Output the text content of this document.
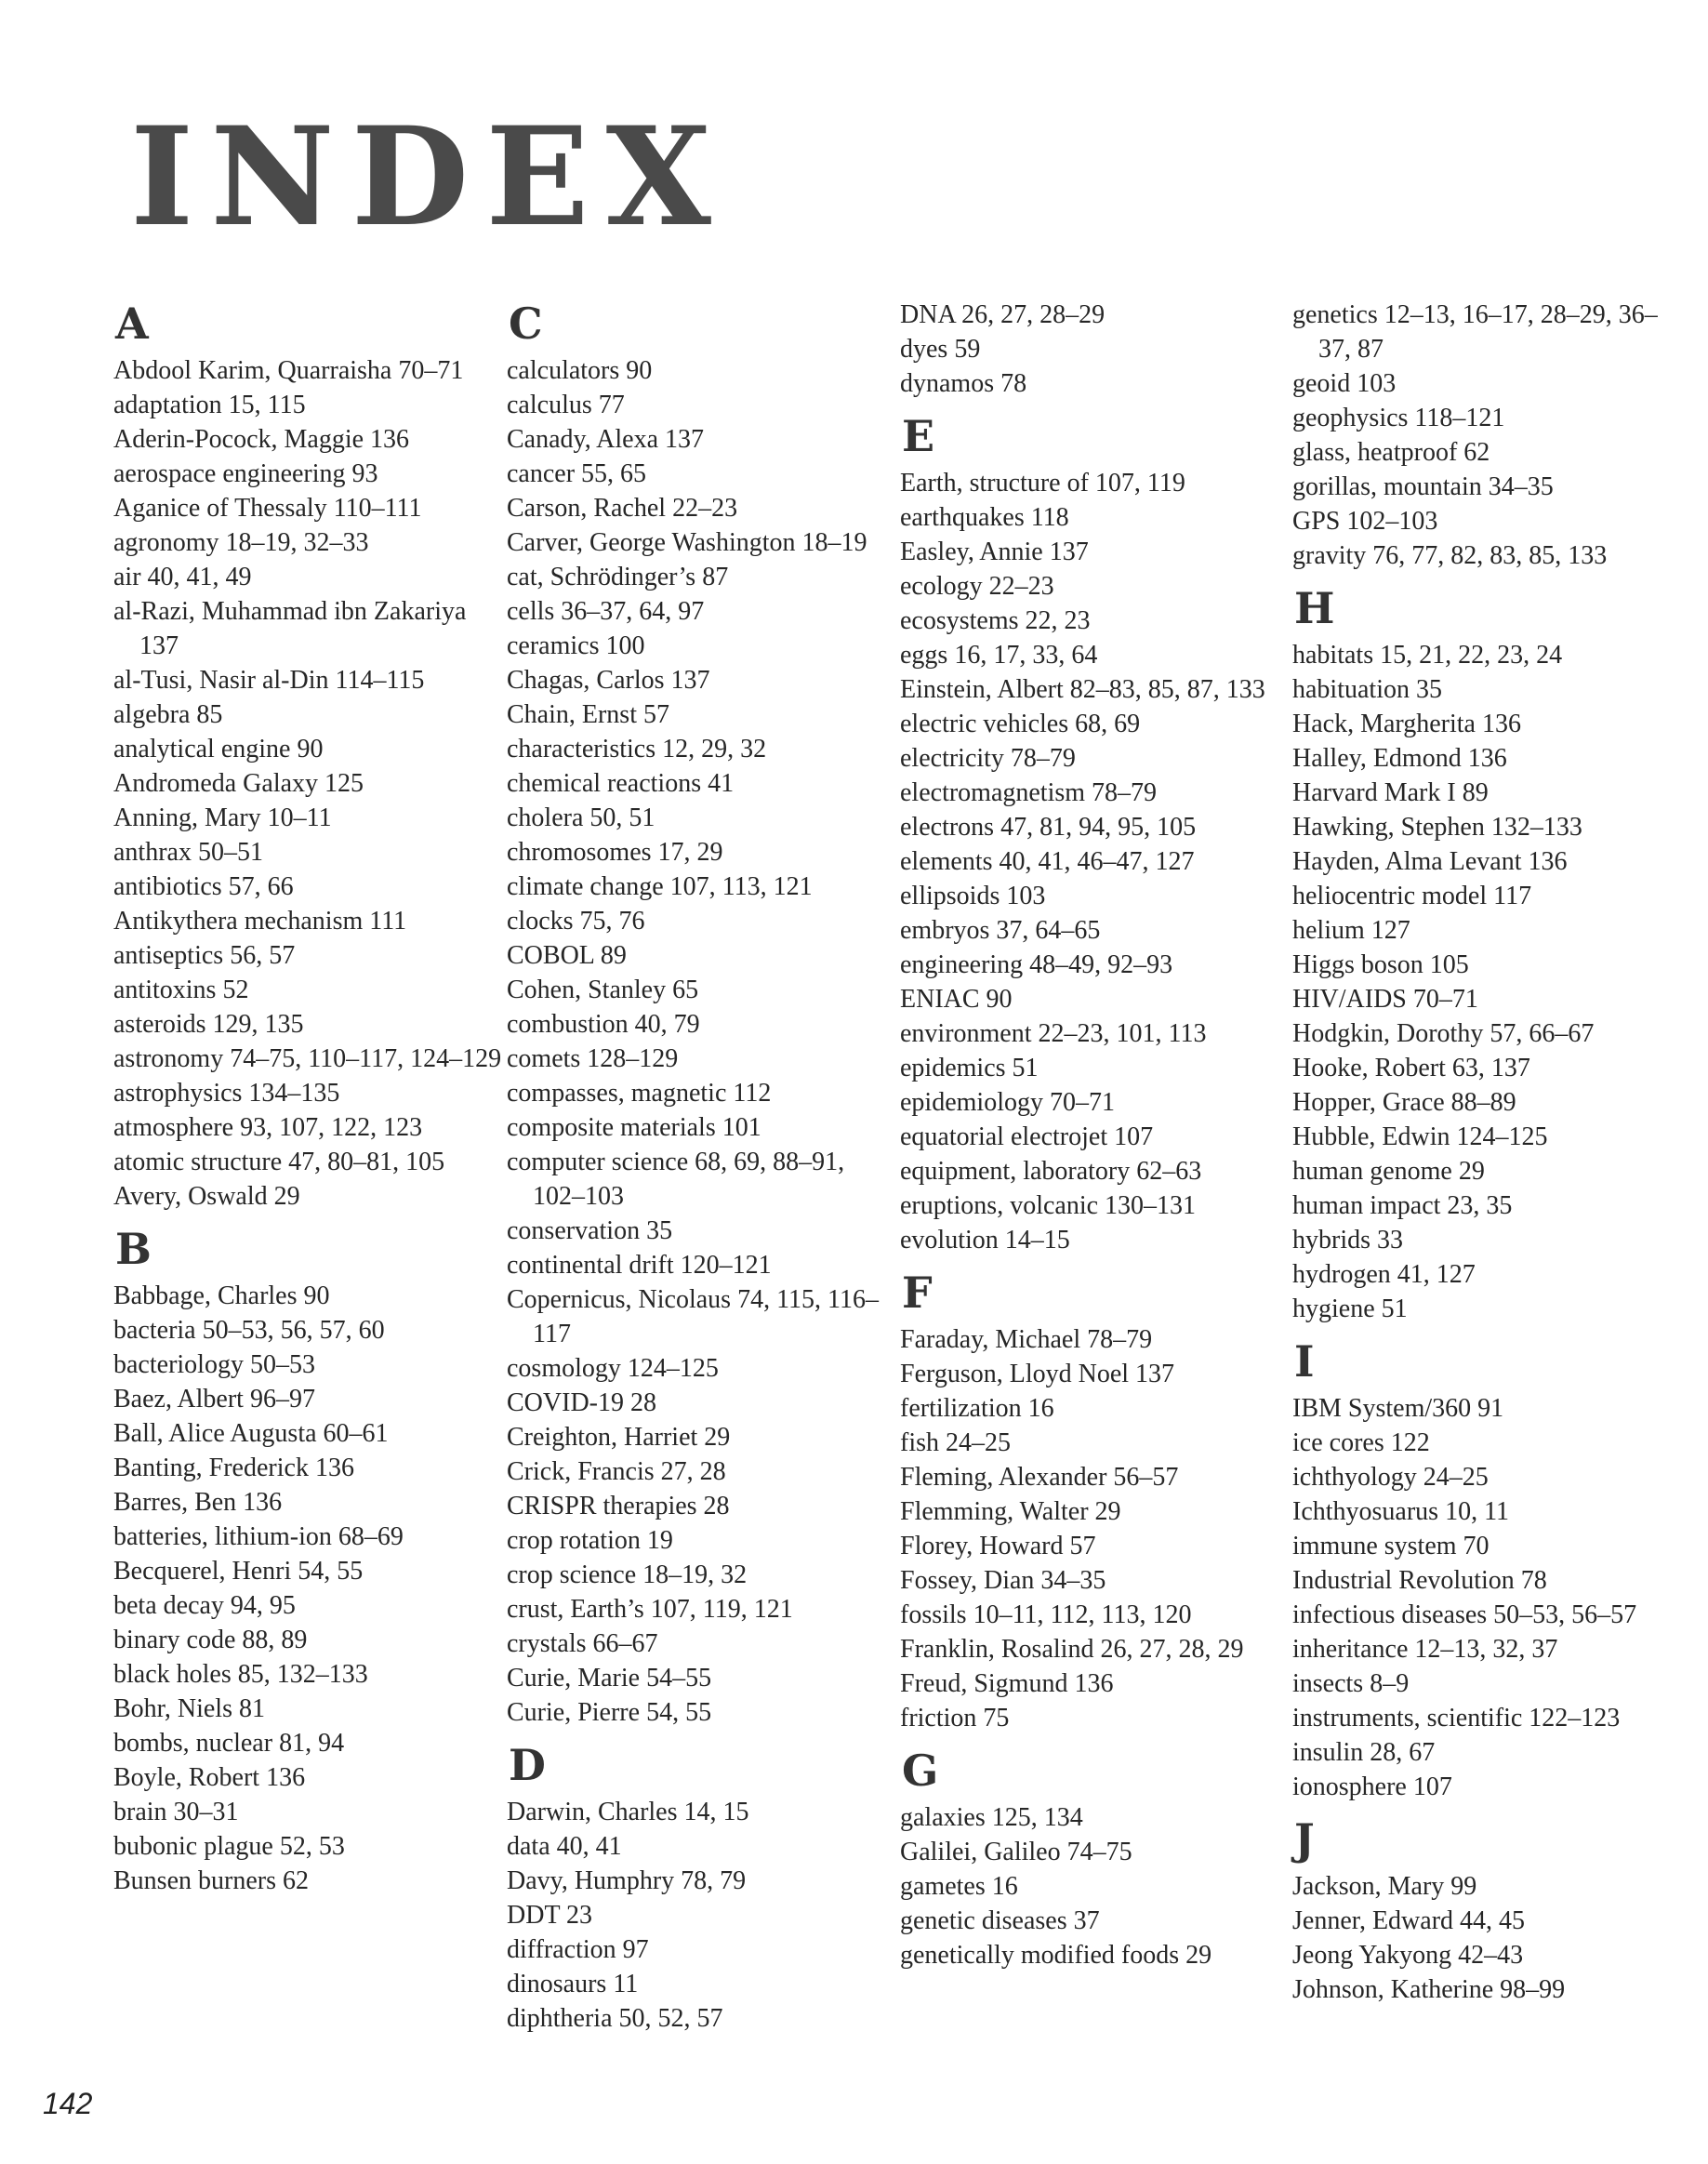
INDEX
A

Abdool Karim, Quarraisha 70–71

adaptation 15, 115

Aderin-Pocock, Maggie 136

aerospace engineering 93

Aganice of Thessaly 110–111

agronomy 18–19, 32–33

air 40, 41, 49

al-Razi, Muhammad ibn Zakariya 137

al-Tusi, Nasir al-Din 114–115

algebra 85

analytical engine 90

Andromeda Galaxy 125

Anning, Mary 10–11

anthrax 50–51

antibiotics 57, 66

Antikythera mechanism 111

antiseptics 56, 57

antitoxins 52

asteroids 129, 135

astronomy 74–75, 110–117, 124–129

astrophysics 134–135

atmosphere 93, 107, 122, 123

atomic structure 47, 80–81, 105

Avery, Oswald 29

B

Babbage, Charles 90

bacteria 50–53, 56, 57, 60

bacteriology 50–53

Baez, Albert 96–97

Ball, Alice Augusta 60–61

Banting, Frederick 136

Barres, Ben 136

batteries, lithium-ion 68–69

Becquerel, Henri 54, 55

beta decay 94, 95

binary code 88, 89

black holes 85, 132–133

Bohr, Niels 81

bombs, nuclear 81, 94

Boyle, Robert 136

brain 30–31

bubonic plague 52, 53

Bunsen burners 62

C

calculators 90

calculus 77

Canady, Alexa 137

cancer 55, 65

Carson, Rachel 22–23

Carver, George Washington 18–19

cat, Schrödinger’s 87

cells 36–37, 64, 97

ceramics 100

Chagas, Carlos 137

Chain, Ernst 57

characteristics 12, 29, 32

chemical reactions 41

cholera 50, 51

chromosomes 17, 29

climate change 107, 113, 121

clocks 75, 76

COBOL 89

Cohen, Stanley 65

combustion 40, 79

comets 128–129

compasses, magnetic 112

composite materials 101

computer science 68, 69, 88–91, 102–103

conservation 35

continental drift 120–121

Copernicus, Nicolaus 74, 115, 116–117

cosmology 124–125

COVID-19 28

Creighton, Harriet 29

Crick, Francis 27, 28

CRISPR therapies 28

crop rotation 19

crop science 18–19, 32

crust, Earth’s 107, 119, 121

crystals 66–67

Curie, Marie 54–55

Curie, Pierre 54, 55

D

Darwin, Charles 14, 15

data 40, 41

Davy, Humphry 78, 79

DDT 23

diffraction 97

dinosaurs 11

diphtheria 50, 52, 57

DNA 26, 27, 28–29

dyes 59

dynamos 78

E

Earth, structure of 107, 119

earthquakes 118

Easley, Annie 137

ecology 22–23

ecosystems 22, 23

eggs 16, 17, 33, 64

Einstein, Albert 82–83, 85, 87, 133

electric vehicles 68, 69

electricity 78–79

electromagnetism 78–79

electrons 47, 81, 94, 95, 105

elements 40, 41, 46–47, 127

ellipsoids 103

embryos 37, 64–65

engineering 48–49, 92–93

ENIAC 90

environment 22–23, 101, 113

epidemics 51

epidemiology 70–71

equatorial electrojet 107

equipment, laboratory 62–63

eruptions, volcanic 130–131

evolution 14–15

F

Faraday, Michael 78–79

Ferguson, Lloyd Noel 137

fertilization 16

fish 24–25

Fleming, Alexander 56–57

Flemming, Walter 29

Florey, Howard 57

Fossey, Dian 34–35

fossils 10–11, 112, 113, 120

Franklin, Rosalind 26, 27, 28, 29

Freud, Sigmund 136

friction 75

G

galaxies 125, 134

Galilei, Galileo 74–75

gametes 16

genetic diseases 37

genetically modified foods 29

genetics 12–13, 16–17, 28–29, 36–37, 87

geoid 103

geophysics 118–121

glass, heatproof 62

gorillas, mountain 34–35

GPS 102–103

gravity 76, 77, 82, 83, 85, 133

H

habitats 15, 21, 22, 23, 24

habituation 35

Hack, Margherita 136

Halley, Edmond 136

Harvard Mark I 89

Hawking, Stephen 132–133

Hayden, Alma Levant 136

heliocentric model 117

helium 127

Higgs boson 105

HIV/AIDS 70–71

Hodgkin, Dorothy 57, 66–67

Hooke, Robert 63, 137

Hopper, Grace 88–89

Hubble, Edwin 124–125

human genome 29

human impact 23, 35

hybrids 33

hydrogen 41, 127

hygiene 51

I

IBM System/360 91

ice cores 122

ichthyology 24–25

Ichthyosuarus 10, 11

immune system 70

Industrial Revolution 78

infectious diseases 50–53, 56–57

inheritance 12–13, 32, 37

insects 8–9

instruments, scientific 122–123

insulin 28, 67

ionosphere 107

J

Jackson, Mary 99

Jenner, Edward 44, 45

Jeong Yakyong 42–43

Johnson, Katherine 98–99

142
